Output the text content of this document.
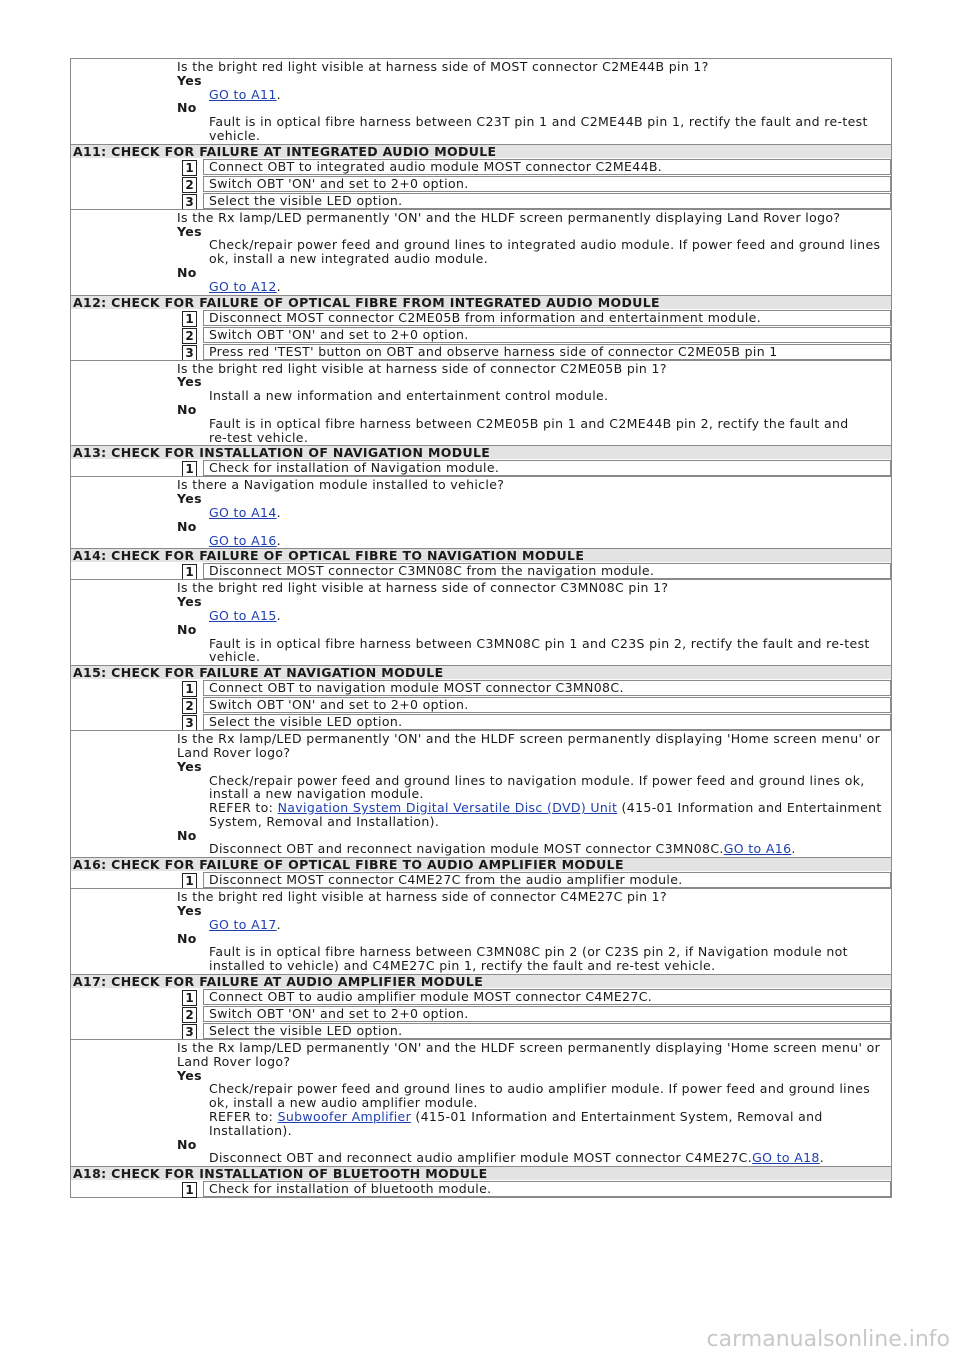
Is the bright red light visible at harness side of MOST connector C2ME44B pin 1?
Yes
GO to A11.
No
Fault is in optical fibre harness between C23T pin 1 and C2ME44B pin 1, rectify the fault and re-test
vehicle.
A11: CHECK FOR FAILURE AT INTEGRATED AUDIO MODULE
1	Connect OBT to integrated audio module MOST connector C2ME44B.
2	Switch OBT 'ON' and set to 2+0 option.
3	Select the visible LED option.
Is the Rx lamp/LED permanently 'ON' and the HLDF screen permanently displaying Land Rover logo?
Yes
Check/repair power feed and ground lines to integrated audio module. If power feed and ground lines
ok, install a new integrated audio module.
No
GO to A12.
A12: CHECK FOR FAILURE OF OPTICAL FIBRE FROM INTEGRATED AUDIO MODULE
1	Disconnect MOST connector C2ME05B from information and entertainment module.
2	Switch OBT 'ON' and set to 2+0 option.
3	Press red 'TEST' button on OBT and observe harness side of connector C2ME05B pin 1
Is the bright red light visible at harness side of connector C2ME05B pin 1?
Yes
Install a new information and entertainment control module.
No
Fault is in optical fibre harness between C2ME05B pin 1 and C2ME44B pin 2, rectify the fault and
re-test vehicle.
A13: CHECK FOR INSTALLATION OF NAVIGATION MODULE
1	Check for installation of Navigation module.
Is there a Navigation module installed to vehicle?
Yes
GO to A14.
No
GO to A16.
A14: CHECK FOR FAILURE OF OPTICAL FIBRE TO NAVIGATION MODULE
1	Disconnect MOST connector C3MN08C from the navigation module.
Is the bright red light visible at harness side of connector C3MN08C pin 1?
Yes
GO to A15.
No
Fault is in optical fibre harness between C3MN08C pin 1 and C23S pin 2, rectify the fault and re-test
vehicle.
A15: CHECK FOR FAILURE AT NAVIGATION MODULE
1	Connect OBT to navigation module MOST connector C3MN08C.
2	Switch OBT 'ON' and set to 2+0 option.
3	Select the visible LED option.
Is the Rx lamp/LED permanently 'ON' and the HLDF screen permanently displaying 'Home screen menu' or
Land Rover logo?
Yes
Check/repair power feed and ground lines to navigation module. If power feed and ground lines ok,
install a new navigation module.
REFER to: Navigation System Digital Versatile Disc (DVD) Unit (415-01 Information and Entertainment
System, Removal and Installation).
No
Disconnect OBT and reconnect navigation module MOST connector C3MN08C.GO to A16.
A16: CHECK FOR FAILURE OF OPTICAL FIBRE TO AUDIO AMPLIFIER MODULE
1	Disconnect MOST connector C4ME27C from the audio amplifier module.
Is the bright red light visible at harness side of connector C4ME27C pin 1?
Yes
GO to A17.
No
Fault is in optical fibre harness between C3MN08C pin 2 (or C23S pin 2, if Navigation module not
installed to vehicle) and C4ME27C pin 1, rectify the fault and re-test vehicle.
A17: CHECK FOR FAILURE AT AUDIO AMPLIFIER MODULE
1	Connect OBT to audio amplifier module MOST connector C4ME27C.
2	Switch OBT 'ON' and set to 2+0 option.
3	Select the visible LED option.
Is the Rx lamp/LED permanently 'ON' and the HLDF screen permanently displaying 'Home screen menu' or
Land Rover logo?
Yes
Check/repair power feed and ground lines to audio amplifier module. If power feed and ground lines
ok, install a new audio amplifier module.
REFER to: Subwoofer Amplifier (415-01 Information and Entertainment System, Removal and
Installation).
No
Disconnect OBT and reconnect audio amplifier module MOST connector C4ME27C.GO to A18.
A18: CHECK FOR INSTALLATION OF BLUETOOTH MODULE
1	Check for installation of bluetooth module.
carmanualsonline.info
